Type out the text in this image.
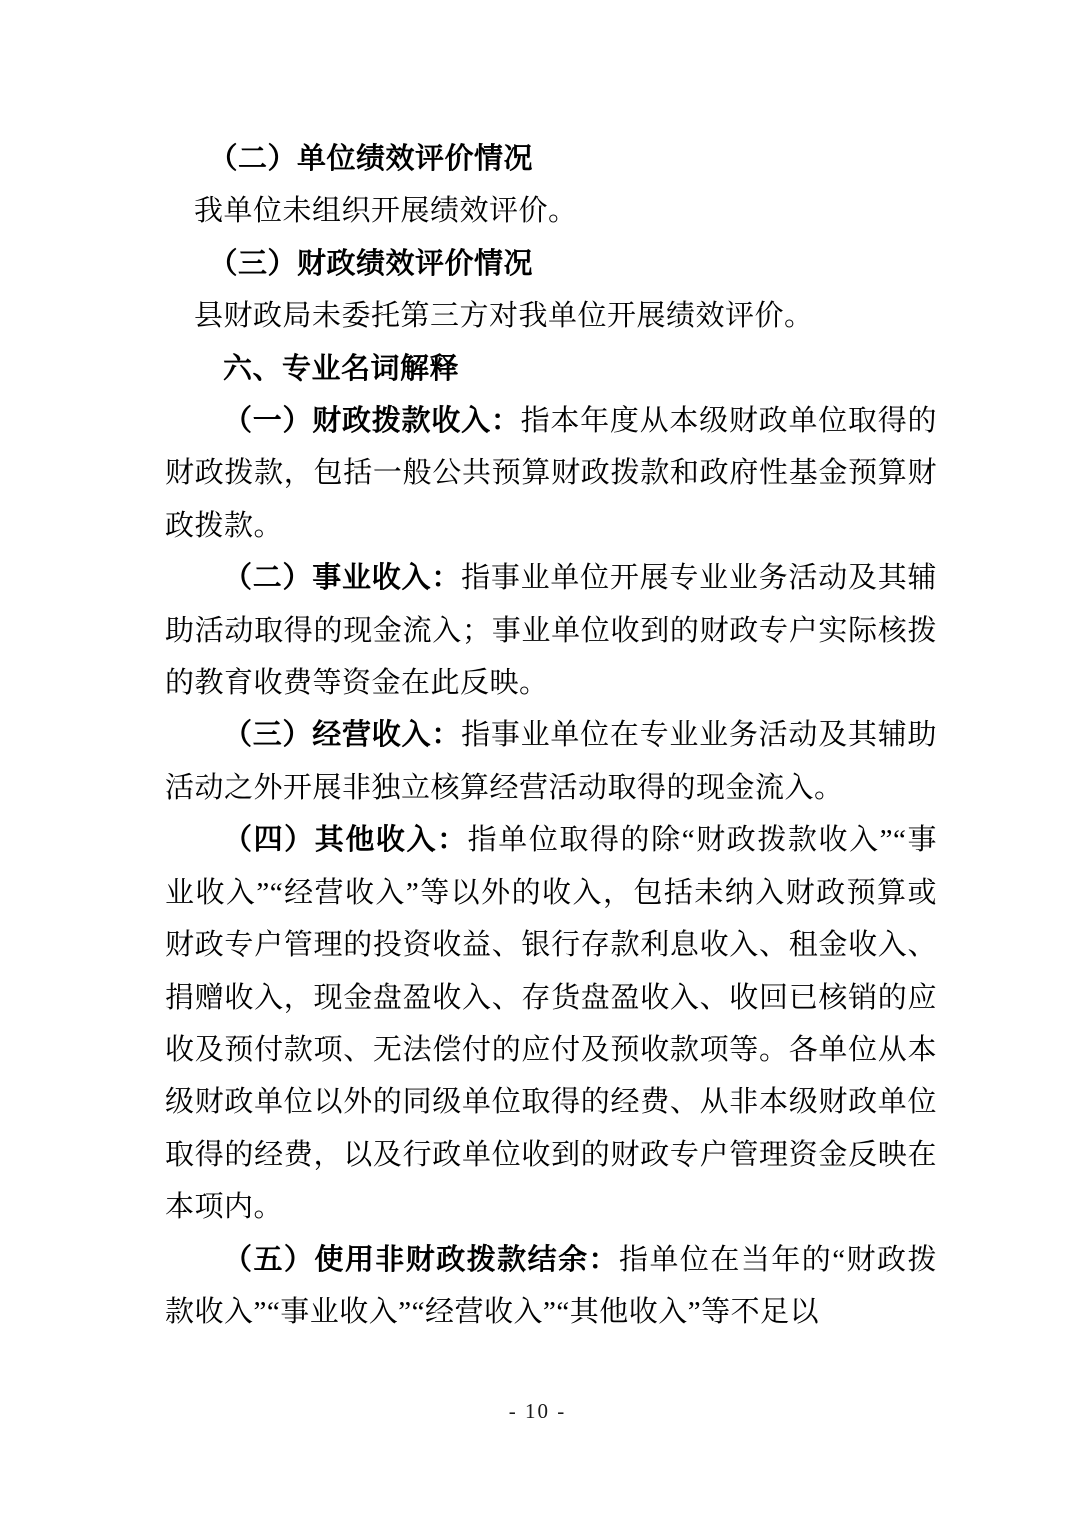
（二）单位绩效评价情况

我单位未组织开展绩效评价。

（三）财政绩效评价情况

县财政局未委托第三方对我单位开展绩效评价。

六、专业名词解释

（一）财政拨款收入：指本年度从本级财政单位取得的财政拨款，包括一般公共预算财政拨款和政府性基金预算财政拨款。

（二）事业收入：指事业单位开展专业业务活动及其辅助活动取得的现金流入；事业单位收到的财政专户实际核拨的教育收费等资金在此反映。

（三）经营收入：指事业单位在专业业务活动及其辅助活动之外开展非独立核算经营活动取得的现金流入。

（四）其他收入：指单位取得的除“财政拨款收入”“事业收入”“经营收入”等以外的收入，包括未纳入财政预算或财政专户管理的投资收益、银行存款利息收入、租金收入、捐赠收入，现金盘盈收入、存货盘盈收入、收回已核销的应收及预付款项、无法偿付的应付及预收款项等。各单位从本级财政单位以外的同级单位取得的经费、从非本级财政单位取得的经费，以及行政单位收到的财政专户管理资金反映在本项内。

（五）使用非财政拨款结余：指单位在当年的“财政拨款收入”“事业收入”“经营收入”“其他收入”等不足以

- 10 -
